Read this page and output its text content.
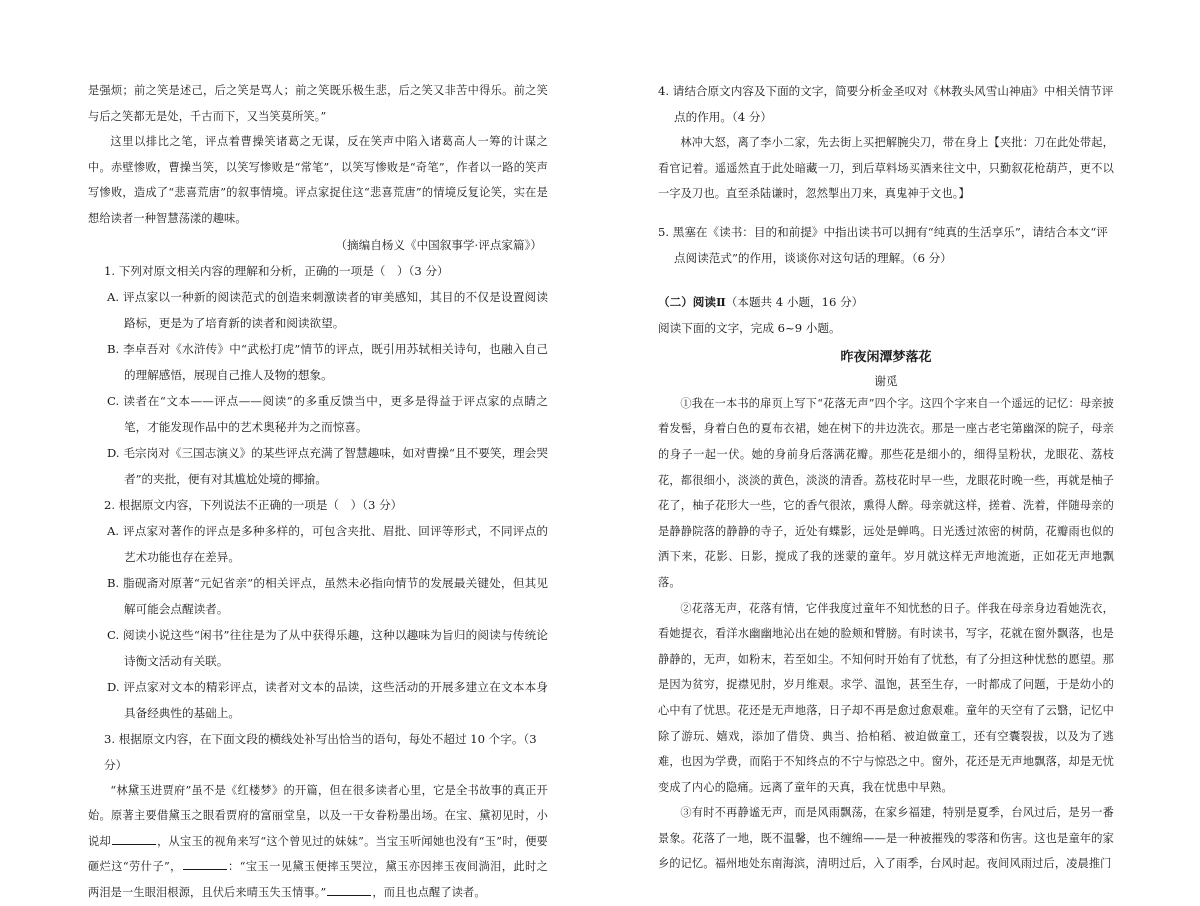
是强烦；前之笑是述己，后之笑是骂人；前之笑既乐极生悲，后之笑又非苦中得乐。前之笑与后之笑都无是处，千古而下，又当笑莫所笑。”

这里以排比之笔，评点着曹操笑诸葛之无谋，反在笑声中陷入诸葛高人一筹的计谋之中。赤壁惨败，曹操当笑，以笑写惨败是“常笔”，以笑写惨败是“奇笔”，作者以一路的笑声写惨败，造成了“悲喜荒唐”的叙事情境。评点家捉住这“悲喜荒唐”的情境反复论笑，实在是想给读者一种智慧荡漾的趣味。

（摘编自杨义《中国叙事学·评点家篇》）

1. 下列对原文相关内容的理解和分析，正确的一项是（　）（3 分）

A. 评点家以一种新的阅读范式的创造来刺激读者的审美感知，其目的不仅是设置阅读路标，更是为了培育新的读者和阅读欲望。

B. 李卓吾对《水浒传》中“武松打虎”情节的评点，既引用苏轼相关诗句，也融入自己的理解感悟，展现自己推人及物的想象。

C. 读者在“文本——评点——阅读”的多重反馈当中，更多是得益于评点家的点睛之笔，才能发现作品中的艺术奥秘并为之而惊喜。

D. 毛宗岗对《三国志演义》的某些评点充满了智慧趣味，如对曹操“且不要笑，理会哭者”的夹批，便有对其尴尬处境的揶揄。

2. 根据原文内容，下列说法不正确的一项是（　）（3 分）

A. 评点家对著作的评点是多种多样的，可包含夹批、眉批、回评等形式，不同评点的艺术功能也存在差异。

B. 脂砚斋对原著“元妃省亲”的相关评点，虽然未必指向情节的发展最关键处，但其见解可能会点醒读者。

C. 阅读小说这些“闲书”往往是为了从中获得乐趣，这种以趣味为旨归的阅读与传统论诗衡文活动有关联。

D. 评点家对文本的精彩评点，读者对文本的品读，这些活动的开展多建立在文本本身具备经典性的基础上。

3. 根据原文内容，在下面文段的横线处补写出恰当的语句，每处不超过 10 个字。（3 分）

“林黛玉进贾府”虽不是《红楼梦》的开篇，但在很多读者心里，它是全书故事的真正开始。原著主要借黛玉之眼看贾府的富丽堂皇，以及一干女眷粉墨出场。在宝、黛初见时，小说却	，从宝玉的视角来写“这个曾见过的妹妹”。当宝玉听闻她也没有“玉”时，便要砸烂这“劳什子”，	：“宝玉一见黛玉便摔玉哭泣，黛玉亦因摔玉夜间淌泪，此时之两泪是一生眼泪根源，且伏后来晴玉失玉情事。”	，而且也点醒了读者。

4. 请结合原文内容及下面的文字，简要分析金圣叹对《林教头风雪山神庙》中相关情节评点的作用。（4 分）

林冲大怒，离了李小二家，先去街上买把解腕尖刀，带在身上【夹批：刀在此处带起，看官记着。遥遥然直于此处暗藏一刀，到后草料场买酒来往文中，只勤叙花枪葫芦，更不以一字及刀也。直至杀陆谦时，忽然掣出刀来，真鬼神于文也。】

5. 黑塞在《读书：目的和前提》中指出读书可以拥有“纯真的生活享乐”，请结合本文“评点阅读范式”的作用，谈谈你对这句话的理解。（6 分）

（二）阅读Ⅱ（本题共 4 小题，16 分）

阅读下面的文字，完成 6~9 小题。

昨夜闲潭梦落花

谢觅

①我在一本书的扉页上写下“花落无声”四个字。这四个字来自一个遥远的记忆：母亲披着发髻，身着白色的夏布衣裙，她在树下的井边洗衣。那是一座古老宅第幽深的院子，母亲的身子一起一伏。她的身前身后落满花瓣。那些花是细小的，细得呈粉状，龙眼花、荔枝花，都很细小，淡淡的黄色，淡淡的清香。荔枝花时早一些，龙眼花时晚一些，再就是柚子花了，柚子花形大一些，它的香气很浓，熏得人醉。母亲就这样，搓着、洗着，伴随母亲的是静静院落的静静的寺子，近处有蝶影，远处是蝉鸣。日光透过浓密的树荫，花瓣雨也似的洒下来，花影、日影，搅成了我的迷蒙的童年。岁月就这样无声地流逝，正如花无声地飘落。

②花落无声，花落有情，它伴我度过童年不知忧愁的日子。伴我在母亲身边看她洗衣，看她提衣，看洋水幽幽地沁出在她的脸颊和臂膀。有时读书，写字，花就在窗外飘落，也是静静的，无声，如粉末，若至如尘。不知何时开始有了忧愁，有了分担这种忧愁的愿望。那是因为贫穷，捉襟见肘，岁月维艰。求学、温饱，甚至生存，一时都成了问题，于是幼小的心中有了忧思。花还是无声地落，日子却不再是愈过愈艰难。童年的天空有了云翳，记忆中除了游玩、嬉戏，添加了借贷、典当、拾柏稻、被迫做童工，还有空囊裂拔，以及为了逃难，也因为学费，而陷于不知终点的不宁与惊恐之中。窗外，花还是无声地飘落，却是无忧变成了内心的隐痛。远离了童年的天真，我在忧患中早熟。

③有时不再静谧无声，而是风雨飘荡，在家乡福建，特别是夏季，台风过后，是另一番景象。花落了一地，既不温馨，也不缠绵——是一种被摧残的零落和伤害。这也是童年的家乡的记忆。福州地处东南海滨，清明过后，入了雨季，台风时起。夜间风雨过后，凌晨推门
